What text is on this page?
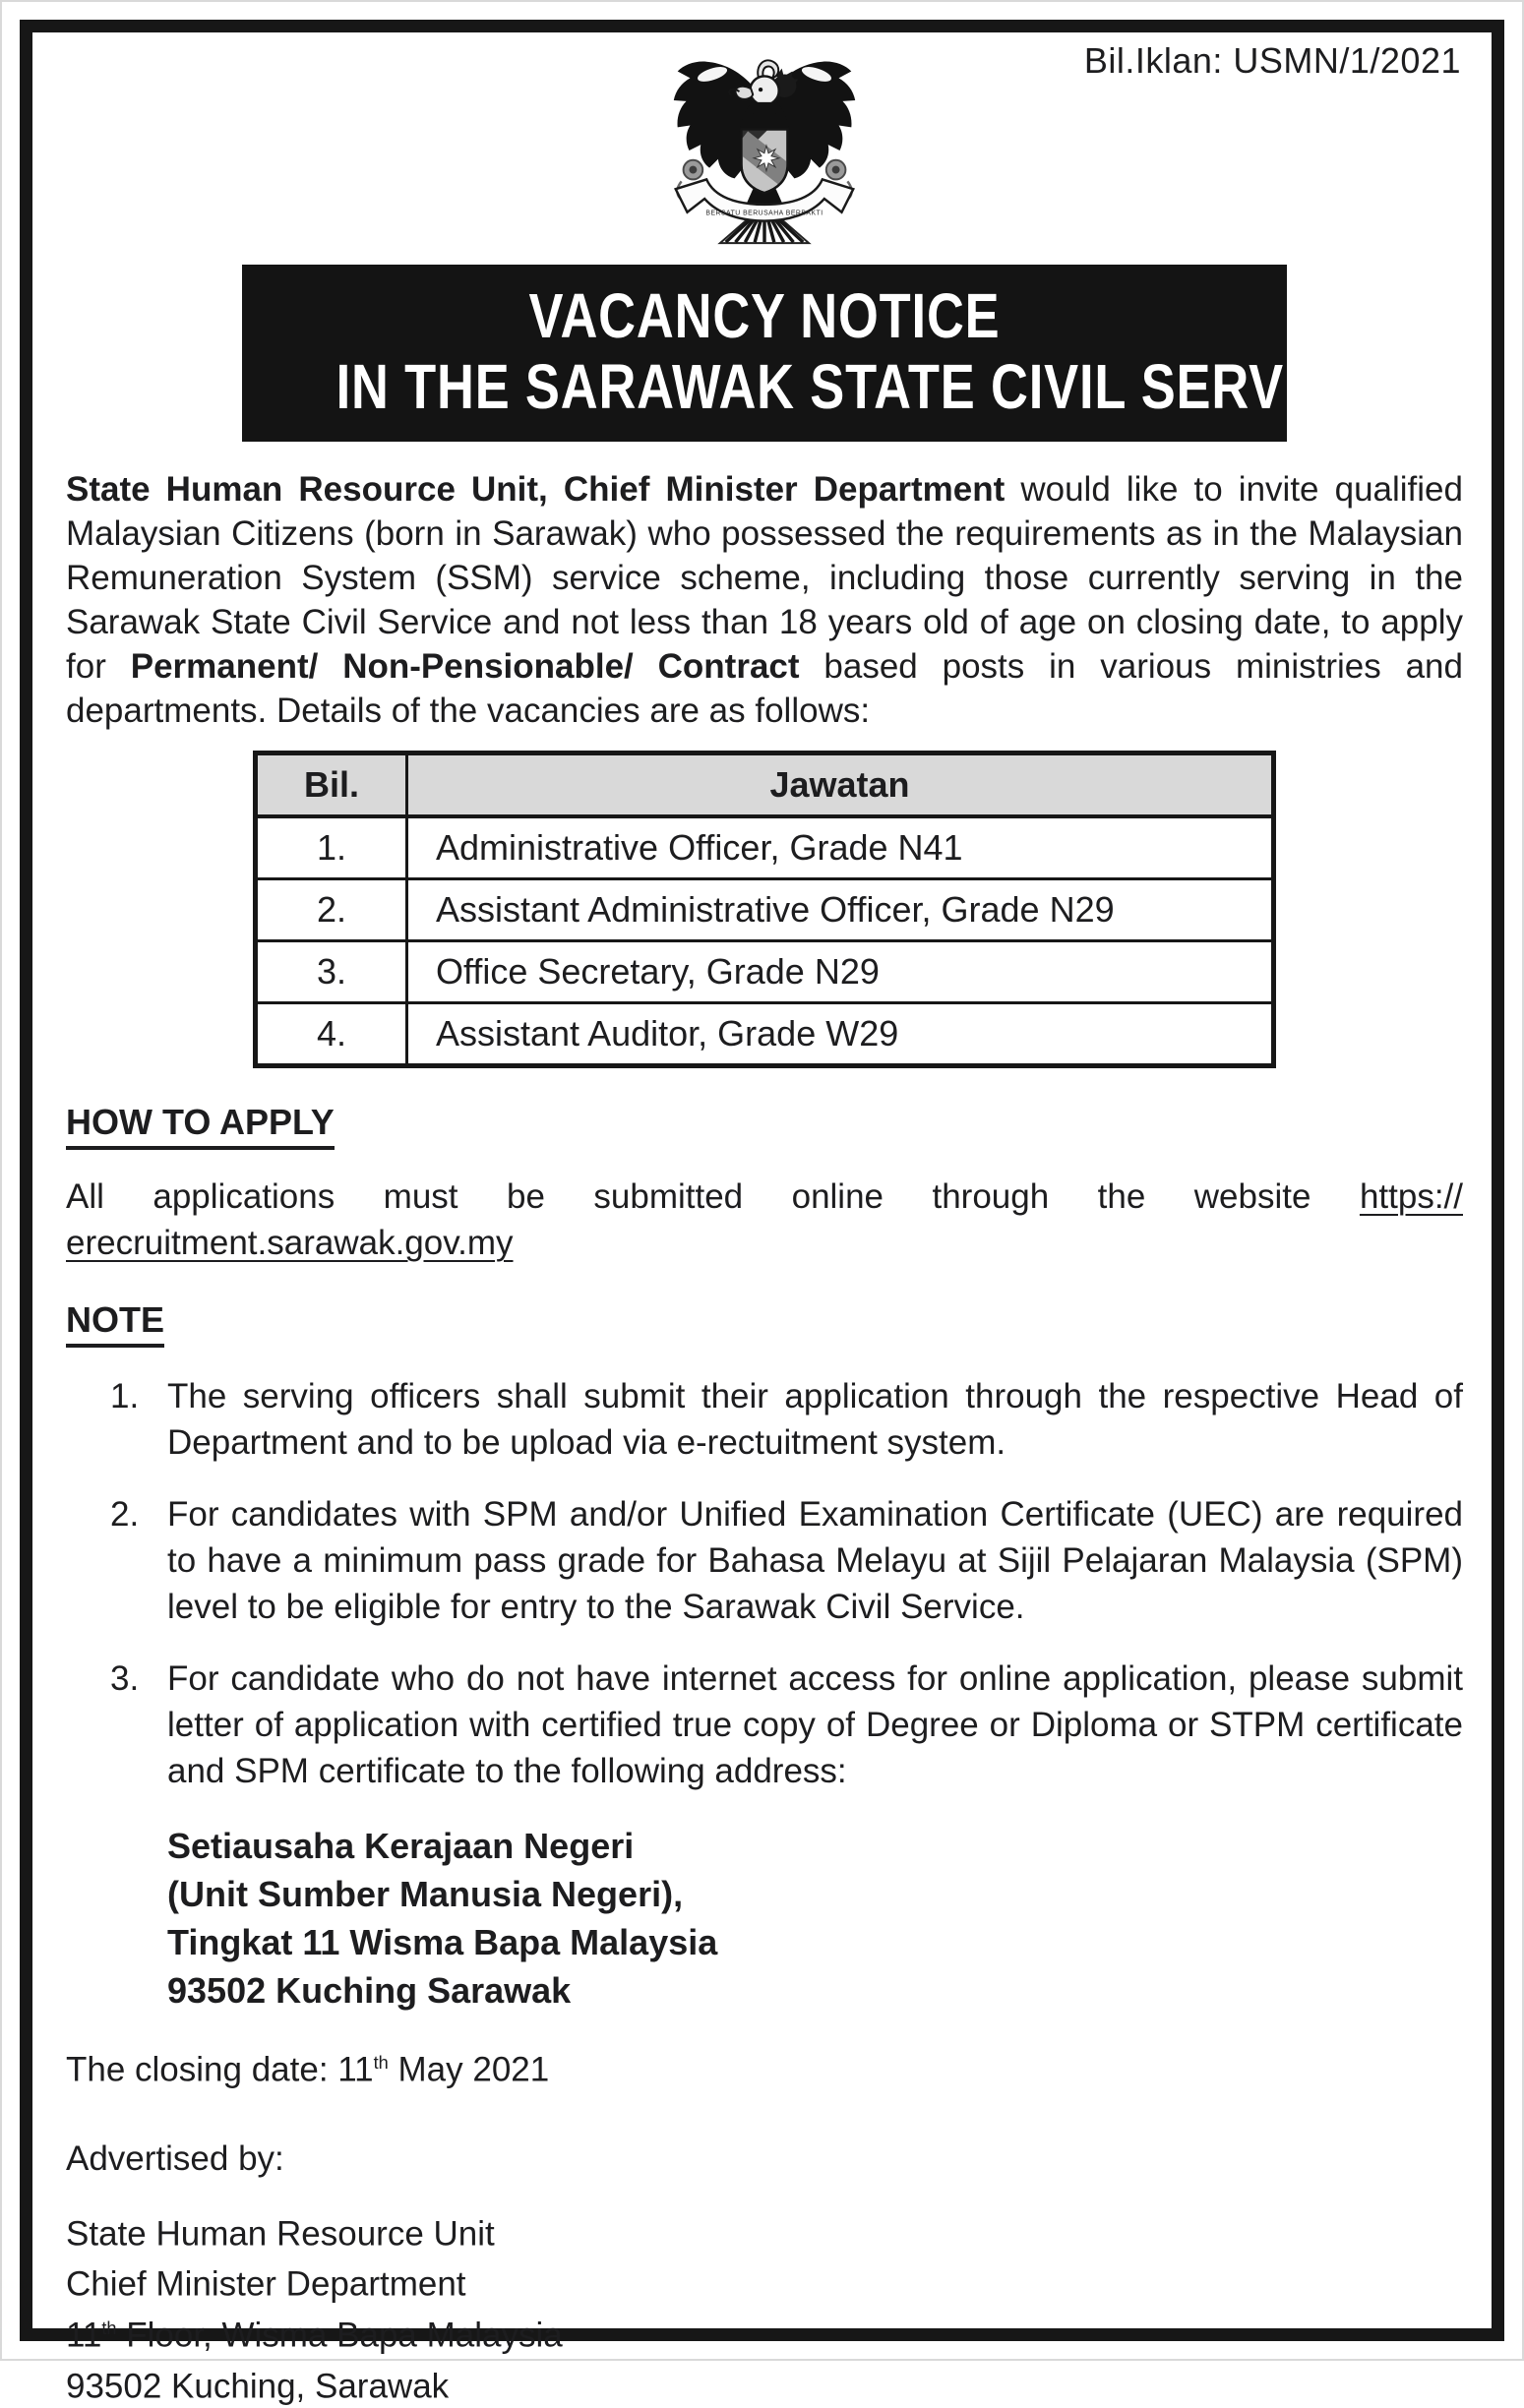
Bil.Iklan: USMN/1/2021
BERSATU BERUSAHA BERBAKTI
VACANCY NOTICE
IN THE SARAWAK STATE CIVIL SERVICE

State Human Resource Unit, Chief Minister Department would like to invite qualified Malaysian Citizens (born in Sarawak) who possessed the requirements as in the Malaysian Remuneration System (SSM) service scheme, including those currently serving in the Sarawak State Civil Service and not less than 18 years old of age on closing date, to apply for Permanent/ Non-Pensionable/ Contract based posts in various ministries and departments. Details of the vacancies are as follows:

Bil.	Jawatan
1.	Administrative Officer, Grade N41
2.	Assistant Administrative Officer, Grade N29
3.	Office Secretary, Grade N29
4.	Assistant Auditor, Grade W29
HOW TO APPLY
All applications must be submitted online through the website https://
erecruitment.sarawak.gov.my
NOTE
1. The serving officers shall submit their application through the respective Head of Department and to be upload via e-rectuitment system.
2. For candidates with SPM and/or Unified Examination Certificate (UEC) are required to have a minimum pass grade for Bahasa Melayu at Sijil Pelajaran Malaysia (SPM) level to be eligible for entry to the Sarawak Civil Service.
3. For candidate who do not have internet access for online application, please submit letter of application with certified true copy of Degree or Diploma or STPM certificate and SPM certificate to the following address:
Setiausaha Kerajaan Negeri
(Unit Sumber Manusia Negeri),
Tingkat 11 Wisma Bapa Malaysia
93502 Kuching Sarawak
The closing date: 11th May 2021
Advertised by:
State Human Resource Unit
Chief Minister Department
11th Floor, Wisma Bapa Malaysia
93502 Kuching, Sarawak
